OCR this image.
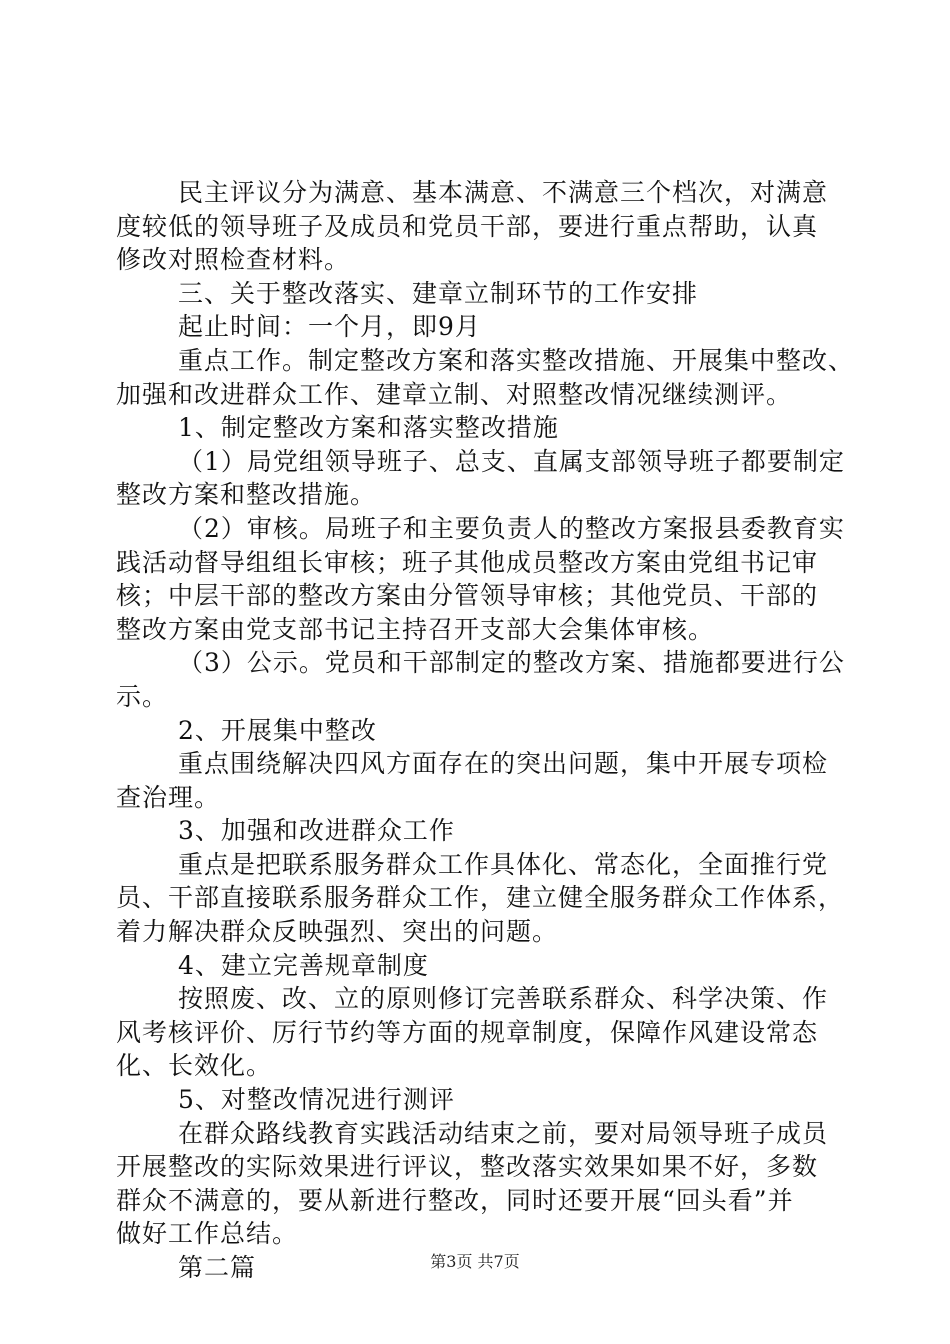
民主评议分为满意、基本满意、不满意三个档次，对满意
度较低的领导班子及成员和党员干部，要进行重点帮助，认真
修改对照检查材料。
三、关于整改落实、建章立制环节的工作安排
起止时间：一个月，即9月
重点工作。制定整改方案和落实整改措施、开展集中整改、
加强和改进群众工作、建章立制、对照整改情况继续测评。
1、制定整改方案和落实整改措施
（1）局党组领导班子、总支、直属支部领导班子都要制定
整改方案和整改措施。
（2）审核。局班子和主要负责人的整改方案报县委教育实
践活动督导组组长审核；班子其他成员整改方案由党组书记审
核；中层干部的整改方案由分管领导审核；其他党员、干部的
整改方案由党支部书记主持召开支部大会集体审核。
（3）公示。党员和干部制定的整改方案、措施都要进行公
示。
2、开展集中整改
重点围绕解决四风方面存在的突出问题，集中开展专项检
查治理。
3、加强和改进群众工作
重点是把联系服务群众工作具体化、常态化，全面推行党
员、干部直接联系服务群众工作，建立健全服务群众工作体系，
着力解决群众反映强烈、突出的问题。
4、建立完善规章制度
按照废、改、立的原则修订完善联系群众、科学决策、作
风考核评价、厉行节约等方面的规章制度，保障作风建设常态
化、长效化。
5、对整改情况进行测评
在群众路线教育实践活动结束之前，要对局领导班子成员
开展整改的实际效果进行评议，整改落实效果如果不好，多数
群众不满意的，要从新进行整改，同时还要开展“回头看”并
做好工作总结。
第二篇	第3页 共7页
